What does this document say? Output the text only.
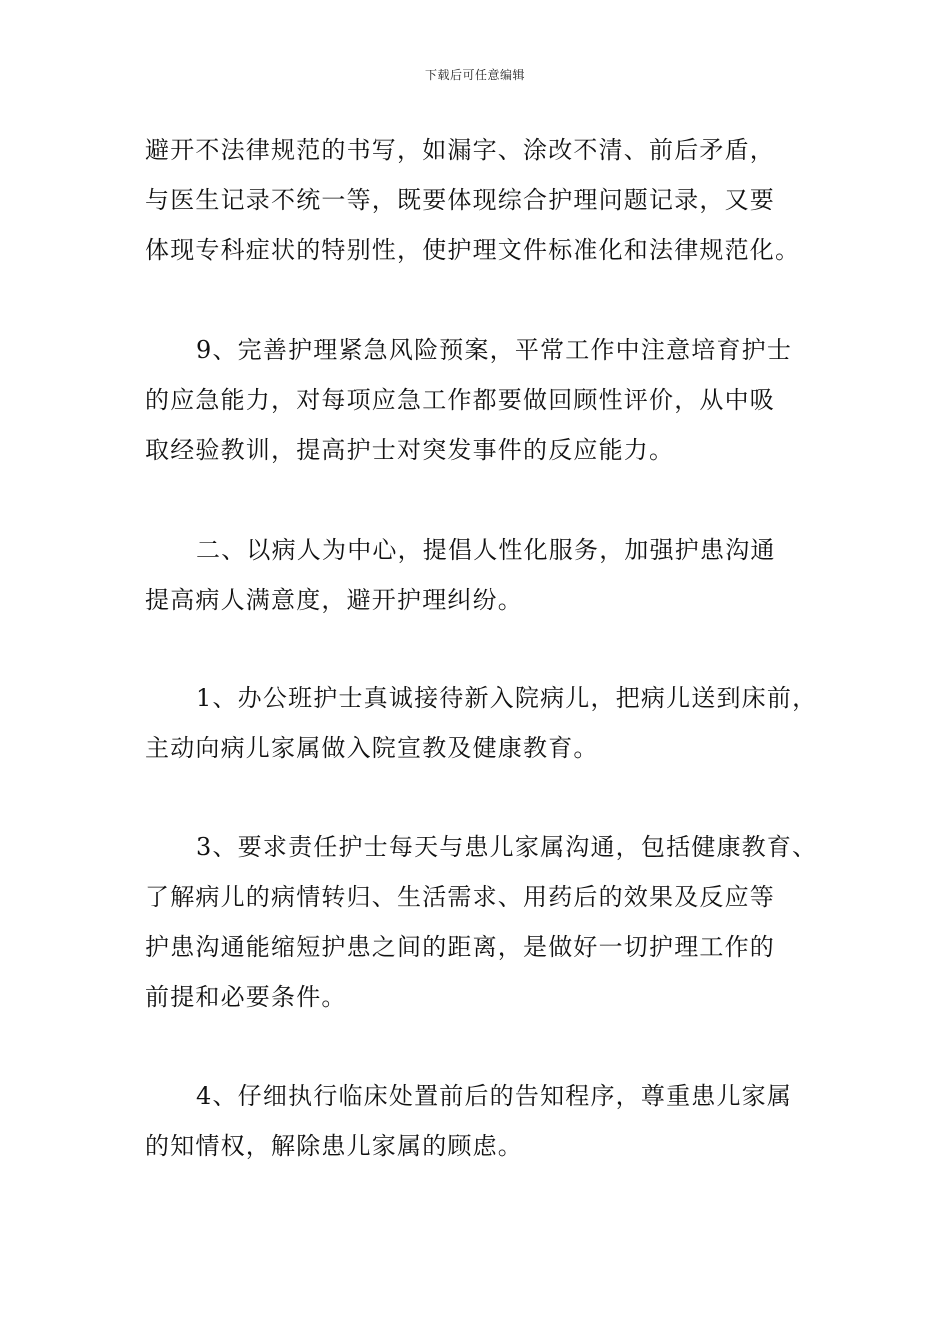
下载后可任意编辑
避开不法律规范的书写，如漏字、涂改不清、前后矛盾，
与医生记录不统一等，既要体现综合护理问题记录，又要
体现专科症状的特别性，使护理文件标准化和法律规范化。
9、完善护理紧急风险预案，平常工作中注意培育护士
的应急能力，对每项应急工作都要做回顾性评价，从中吸
取经验教训，提高护士对突发事件的反应能力。
二、以病人为中心，提倡人性化服务，加强护患沟通
提高病人满意度，避开护理纠纷。
1、办公班护士真诚接待新入院病儿，把病儿送到床前，
主动向病儿家属做入院宣教及健康教育。
3、要求责任护士每天与患儿家属沟通，包括健康教育、
了解病儿的病情转归、生活需求、用药后的效果及反应等
护患沟通能缩短护患之间的距离，是做好一切护理工作的
前提和必要条件。
4、仔细执行临床处置前后的告知程序，尊重患儿家属
的知情权，解除患儿家属的顾虑。
